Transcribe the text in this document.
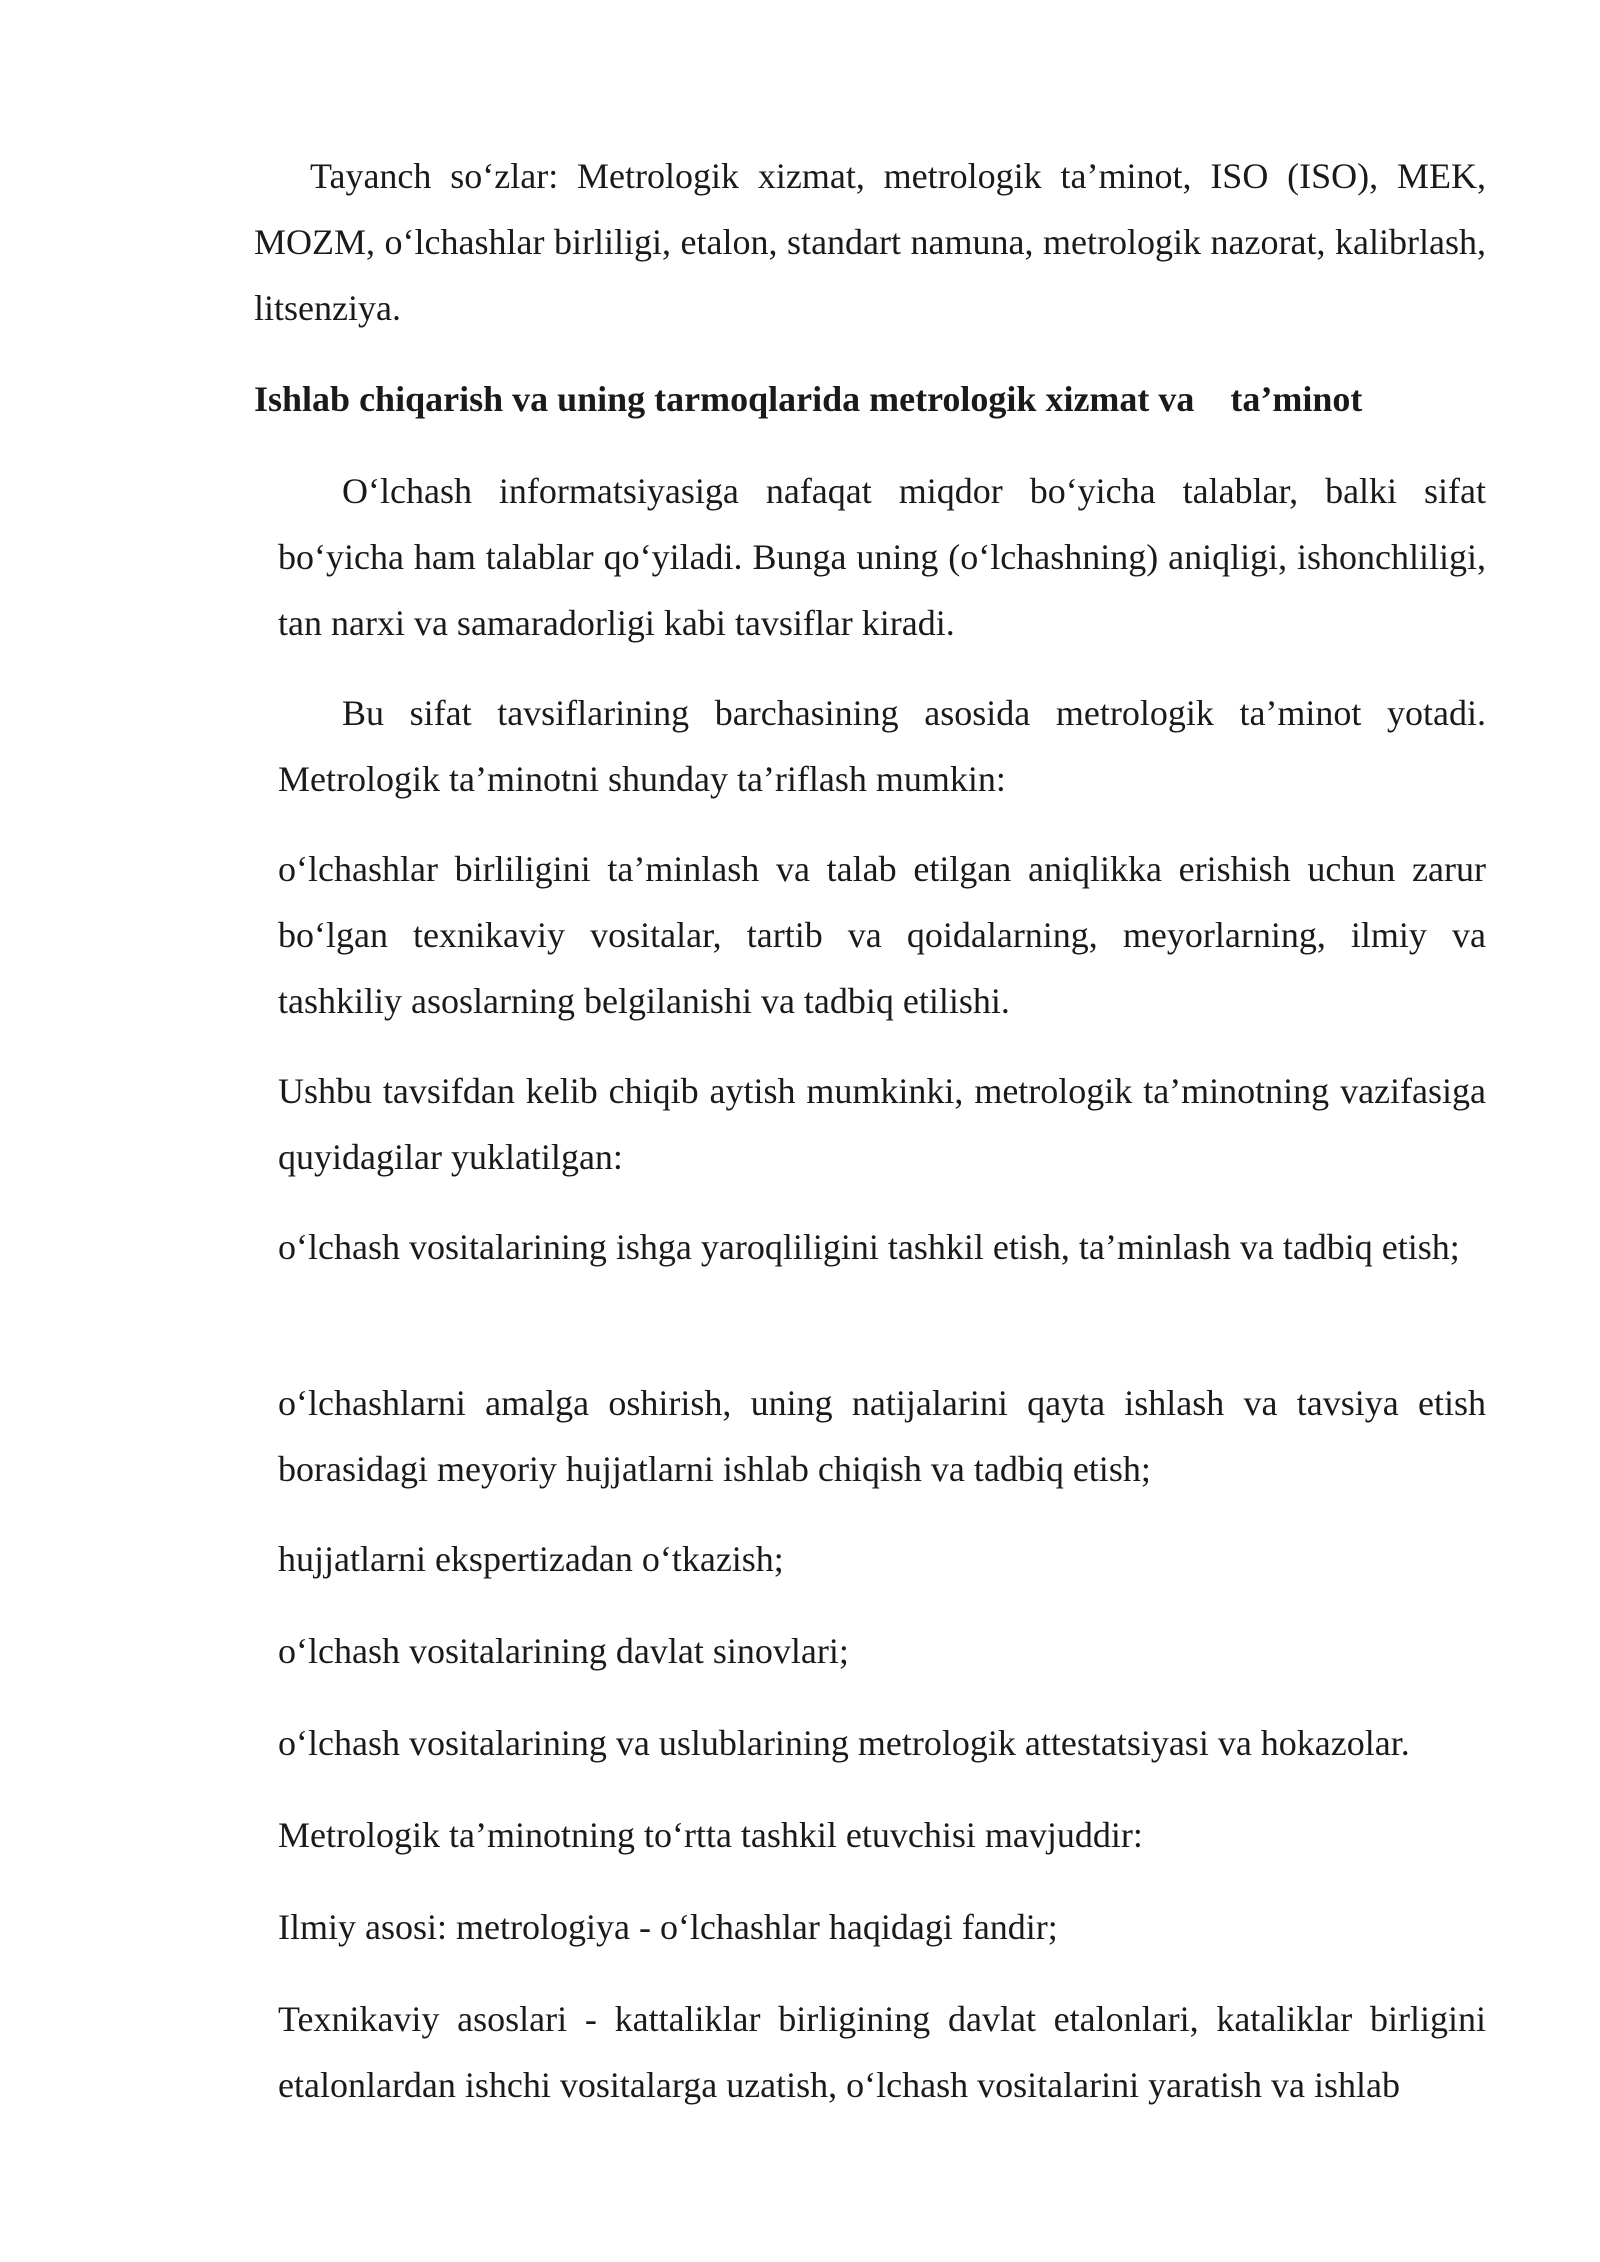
Tayanch so‘zlar: Metrologik xizmat, metrologik ta’minot, ISO (ISO), MEK, MOZM, o‘lchashlar birliligi, etalon, standart namuna, metrologik nazorat, kalibrlash, litsenziya.

Ishlab chiqarish va uning tarmoqlarida metrologik xizmat va    ta’minot

O‘lchash informatsiyasiga nafaqat miqdor bo‘yicha talablar, balki sifat bo‘yicha ham talablar qo‘yiladi. Bunga uning (o‘lchashning) aniqligi, ishonchliligi, tan narxi va samaradorligi kabi tavsiflar kiradi.

Bu sifat tavsiflarining barchasining asosida metrologik ta’minot yotadi. Metrologik ta’minotni shunday ta’riflash mumkin:

o‘lchashlar birliligini ta’minlash va talab etilgan aniqlikka erishish uchun zarur bo‘lgan texnikaviy vositalar, tartib va qoidalarning, meyorlarning, ilmiy va tashkiliy asoslarning belgilanishi va tadbiq etilishi.

Ushbu tavsifdan kelib chiqib aytish mumkinki, metrologik ta’minotning vazifasiga quyidagilar yuklatilgan:

o‘lchash vositalarining ishga yaroqliligini tashkil etish, ta’minlash va tadbiq etish;

o‘lchashlarni amalga oshirish, uning natijalarini qayta ishlash va tavsiya etish borasidagi meyoriy hujjatlarni ishlab chiqish va tadbiq etish;

hujjatlarni ekspertizadan o‘tkazish;

o‘lchash vositalarining davlat sinovlari;

o‘lchash vositalarining va uslublarining metrologik attestatsiyasi va hokazolar.

Metrologik ta’minotning to‘rtta tashkil etuvchisi mavjuddir:

Ilmiy asosi: metrologiya - o‘lchashlar haqidagi fandir;

Texnikaviy asoslari - kattaliklar birligining davlat etalonlari, kataliklar birligini etalonlardan ishchi vositalarga uzatish, o‘lchash vositalarini yaratish va ishlab
